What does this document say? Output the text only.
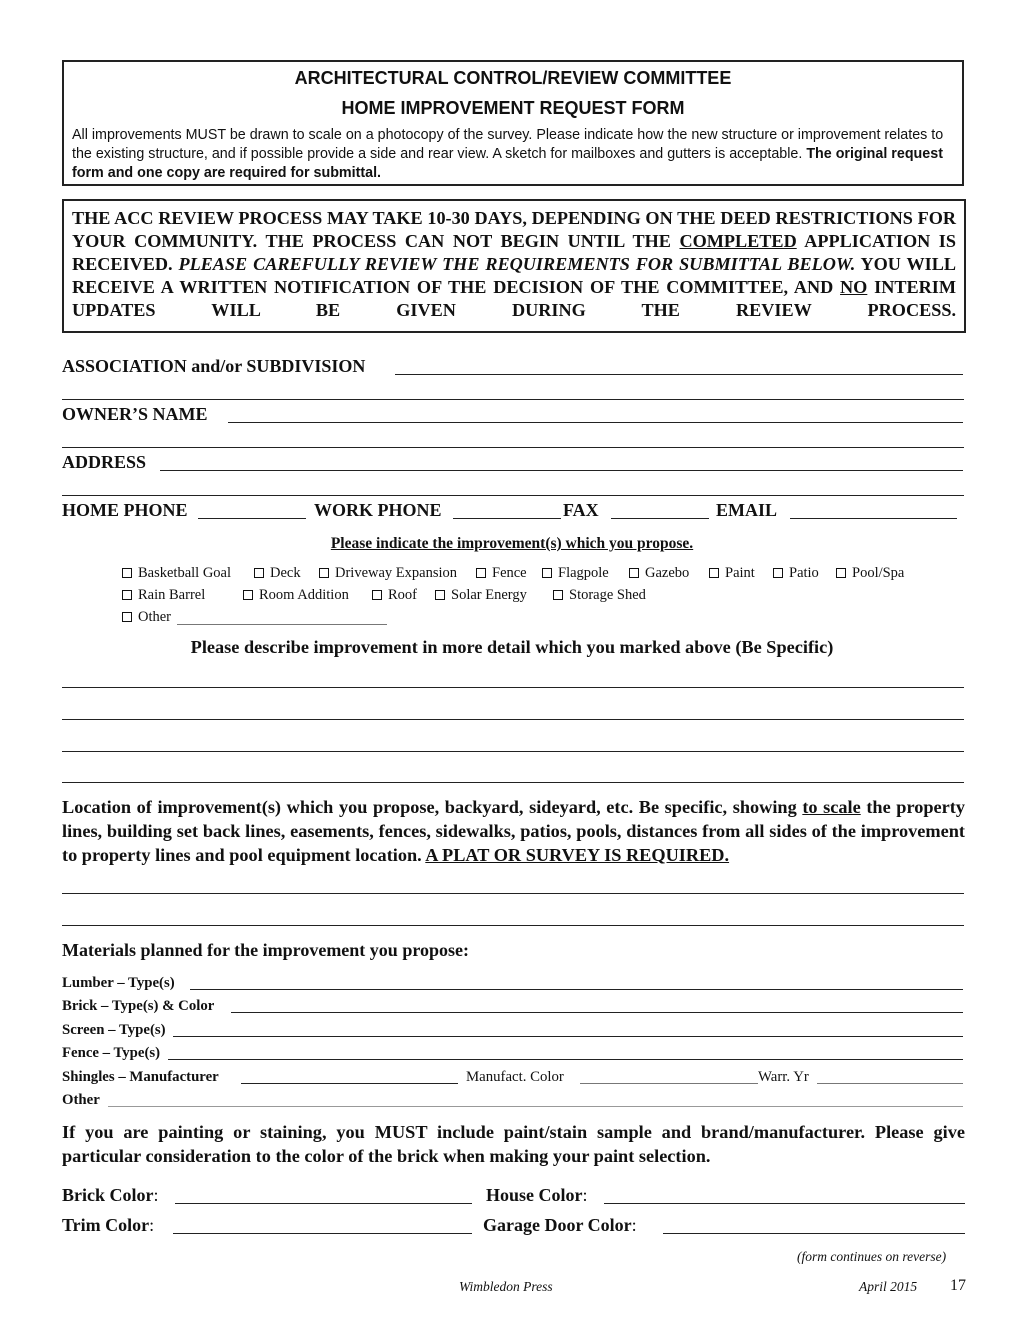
ARCHITECTURAL CONTROL/REVIEW COMMITTEE
HOME IMPROVEMENT REQUEST FORM
All improvements MUST be drawn to scale on a photocopy of the survey. Please indicate how the new structure or improvement relates to the existing structure, and if possible provide a side and rear view. A sketch for mailboxes and gutters is acceptable. The original request form and one copy are required for submittal.
THE ACC REVIEW PROCESS MAY TAKE 10-30 DAYS, DEPENDING ON THE DEED RESTRICTIONS FOR YOUR COMMUNITY. THE PROCESS CAN NOT BEGIN UNTIL THE COMPLETED APPLICATION IS RECEIVED. PLEASE CAREFULLY REVIEW THE REQUIREMENTS FOR SUBMITTAL BELOW. YOU WILL RECEIVE A WRITTEN NOTIFICATION OF THE DECISION OF THE COMMITTEE, AND NO INTERIM UPDATES WILL BE GIVEN DURING THE REVIEW PROCESS.
ASSOCIATION and/or SUBDIVISION
OWNER’S NAME
ADDRESS
HOME PHONE	WORK PHONE	FAX	EMAIL
Please indicate the improvement(s) which you propose.
Basketball Goal	Deck	Driveway Expansion	Fence	Flagpole	Gazebo	Paint	Patio	Pool/Spa
Rain Barrel	Room Addition	Roof	Solar Energy	Storage Shed
Other
Please describe improvement in more detail which you marked above (Be Specific)
Location of improvement(s) which you propose, backyard, sideyard, etc. Be specific, showing to scale the property lines, building set back lines, easements, fences, sidewalks, patios, pools, distances from all sides of the improvement to property lines and pool equipment location. A PLAT OR SURVEY IS REQUIRED.
Materials planned for the improvement you propose:
Lumber – Type(s)
Brick – Type(s) & Color
Screen – Type(s)
Fence – Type(s)
Shingles – Manufacturer	Manufact. Color	Warr. Yr
Other
If you are painting or staining, you MUST include paint/stain sample and brand/manufacturer. Please give particular consideration to the color of the brick when making your paint selection.
Brick Color:	House Color:
Trim Color:	Garage Door Color:
(form continues on reverse)
Wimbledon Press	April 2015 17
